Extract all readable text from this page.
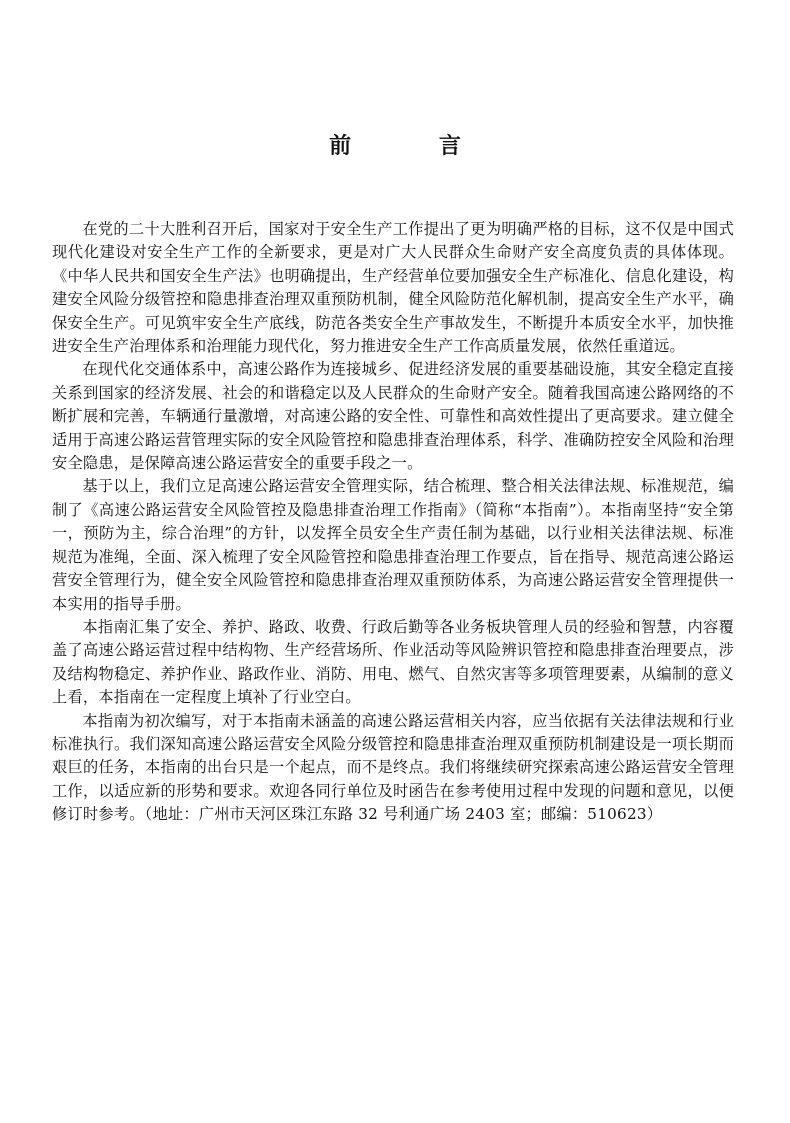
前 言

在党的二十大胜利召开后，国家对于安全生产工作提出了更为明确严格的目标，这不仅是中国式现代化建设对安全生产工作的全新要求，更是对广大人民群众生命财产安全高度负责的具体体现。《中华人民共和国安全生产法》也明确提出，生产经营单位要加强安全生产标准化、信息化建设，构建安全风险分级管控和隐患排查治理双重预防机制，健全风险防范化解机制，提高安全生产水平，确保安全生产。可见筑牢安全生产底线，防范各类安全生产事故发生，不断提升本质安全水平，加快推进安全生产治理体系和治理能力现代化，努力推进安全生产工作高质量发展，依然任重道远。

在现代化交通体系中，高速公路作为连接城乡、促进经济发展的重要基础设施，其安全稳定直接关系到国家的经济发展、社会的和谐稳定以及人民群众的生命财产安全。随着我国高速公路网络的不断扩展和完善，车辆通行量激增，对高速公路的安全性、可靠性和高效性提出了更高要求。建立健全适用于高速公路运营管理实际的安全风险管控和隐患排查治理体系，科学、准确防控安全风险和治理安全隐患，是保障高速公路运营安全的重要手段之一。

基于以上，我们立足高速公路运营安全管理实际，结合梳理、整合相关法律法规、标准规范，编制了《高速公路运营安全风险管控及隐患排查治理工作指南》（简称“本指南”）。本指南坚持“安全第一，预防为主，综合治理”的方针，以发挥全员安全生产责任制为基础，以行业相关法律法规、标准规范为准绳，全面、深入梳理了安全风险管控和隐患排查治理工作要点，旨在指导、规范高速公路运营安全管理行为，健全安全风险管控和隐患排查治理双重预防体系，为高速公路运营安全管理提供一本实用的指导手册。

本指南汇集了安全、养护、路政、收费、行政后勤等各业务板块管理人员的经验和智慧，内容覆盖了高速公路运营过程中结构物、生产经营场所、作业活动等风险辨识管控和隐患排查治理要点，涉及结构物稳定、养护作业、路政作业、消防、用电、燃气、自然灾害等多项管理要素，从编制的意义上看，本指南在一定程度上填补了行业空白。

本指南为初次编写，对于本指南未涵盖的高速公路运营相关内容，应当依据有关法律法规和行业标准执行。我们深知高速公路运营安全风险分级管控和隐患排查治理双重预防机制建设是一项长期而艰巨的任务，本指南的出台只是一个起点，而不是终点。我们将继续研究探索高速公路运营安全管理工作，以适应新的形势和要求。欢迎各同行单位及时函告在参考使用过程中发现的问题和意见，以便修订时参考。（地址：广州市天河区珠江东路 32 号利通广场 2403 室；邮编：510623）
